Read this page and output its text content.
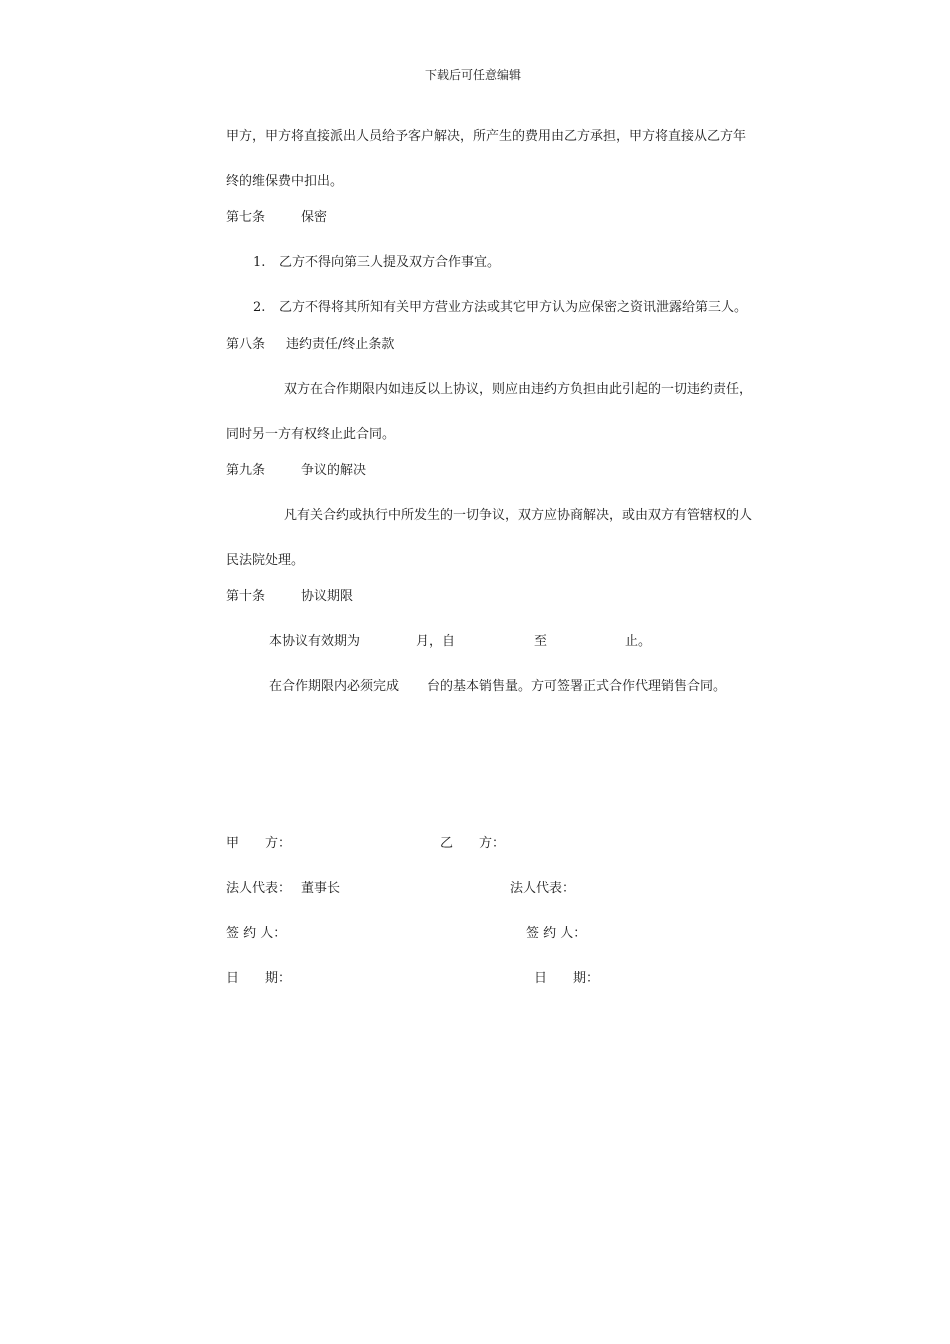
下载后可任意编辑

甲方，甲方将直接派出人员给予客户解决，所产生的费用由乙方承担，甲方将直接从乙方年

终的维保费中扣出。

第七条	保密

1. 乙方不得向第三人提及双方合作事宜。

2. 乙方不得将其所知有关甲方营业方法或其它甲方认为应保密之资讯泄露给第三人。

第八条 违约责任/终止条款

双方在合作期限内如违反以上协议，则应由违约方负担由此引起的一切违约责任，

同时另一方有权终止此合同。

第九条	争议的解决

凡有关合约或执行中所发生的一切争议，双方应协商解决，或由双方有管辖权的人

民法院处理。

第十条	协议期限

本协议有效期为	月，自	至	止。

在合作期限内必须完成 台的基本销售量。方可签署正式合作代理销售合同。

甲　　方：	乙　　方：

法人代表： 董事长	法人代表：

签 约 人：	签 约 人：

日　　期：	日　　期：
